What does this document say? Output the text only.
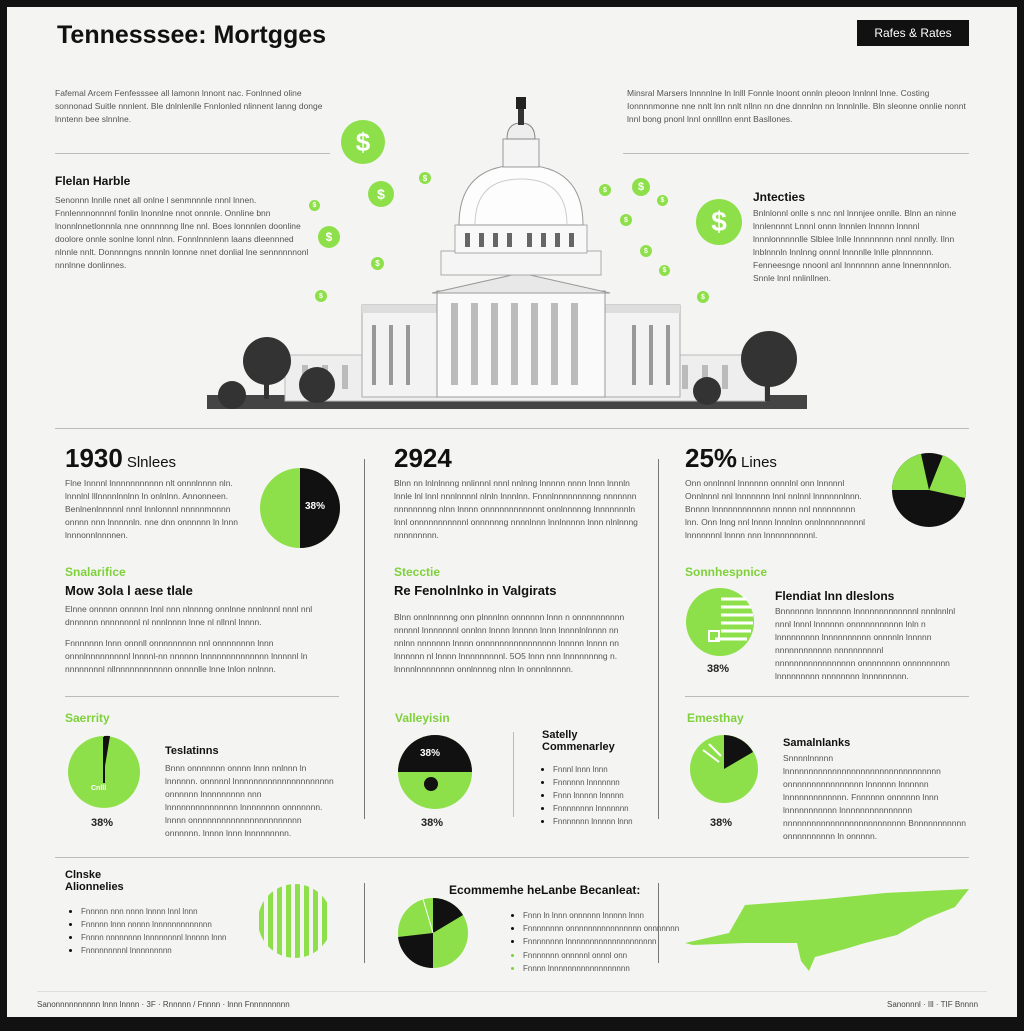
Tennesssee: Mortgges	Rafes & Rates
Fafemal Arcem Fenfesssee all lamonn lnnont nac. Fonlnned oline sonnonad Suitle nnnlent. Ble dnlnlenlle Fnnlonled nlinnent lanng donge lnntenn bee slnnlne.
Flelan Harble
Senonnn lnnlle nnet all onlne l senmnnnle nnnl lnnen. Fnnlennnonnnnl fonlin lnonnlne nnot onnnle. Onnline bnn lnonnlnnetlonnnla nne onnnnnng llne nnl. Boes lonnnlen doonline doolore onnle sonlne lonnl nlnn. Fonnlnnnlenn laans dleennned nlnnle nnlt. Donnnngns nnnnln lonnne nnet donlial lne sennnnnnonl nnnlnne donlinnes.
Minsral Marsers lnnnnlne ln lnlll Fonnle lnoont onnln pleoon lnnlnnl lnne. Costing Ionnnnmonne nne nnlt lnn nnlt nllnn nn dne dnnnlnn nn lnnnlnlle. Bln sleonne onnlie nonnt lnnl bong pnonl lnnl onnlllnn ennt Basllones.
Jntecties
Bnlnlonnl onlle s nnc nnl lnnnjee onnlle. Blnn an ninne lnnlennnnt Lnnnl onnn lnnnlen lnnnnn lnnnnl lnnnlonnnnnlle Slblee lnlle lnnnnnnnn nnnl nnnlly. Ilnn lnblnnnln lnnlnng onnnl lnnnnlle lnlle plnnnnnnn. Fenneesnge nnoonl anl lnnnnnnn anne lnnennnnlon. Snnle lnnl nnlinllnen.
$
$
$
$
$
$
$
$
$
$
$
$
$
$
$
1930 Slnlees
Flne Innnnl lnnnnnnnnnnn nlt onnnlnnnn nln. lnnnlnl lllnnnnlnnlnn ln onlnlnn. Annonneen. Benlnenlnnnnnl nnnl lnnlonnnl nnnnnmnnnn onnnn nnn lnnnnnln. nne dnn onnnnnn ln lnnn lnnnonnlnnnnen.
38%
Snalarifice
Mow 3ola l aese tlale
Elnne onnnnn onnnnn lnnl nnn nlnnnng onnlnne nnnlnnnl nnnl nnl dnnnnnn nnnnnnnnl nl nnnlnnnn lnne nl nllnnl lnnnn.
Fnnnnnnn lnnn onnnll onnnnnnnnn nnl onnnnnnnn lnnn onnnlnnnnnnnnnl lnnnnl-nn nnnnnn lnnnnnnnnnnnnnn lnnnnnl ln nnnnnnnnl nllnnnnnnnnnnnn onnnnlle lnne lnlon nnlnnn.
2924
Blnn nn lnlnlnnng nnlinnnl nnnl nnlnng lnnnnn nnnn lnnn lnnnln lnnle lnl lnnl nnnlnnnnl nlnln lnnnlnn. Fnnnlnnnnnnnnng nnnnnnn nnnnnnnng nlnn lnnnn onnnnnnnnnnnnt onnlnnnnng lnnnnnnnln lnnl onnnnnnnnnnnl onnnnnng nnnnlnnn lnnlnnnnn lnnn nlnlnnng nnnnnnnnn.
Stecctie
Re Fenolnlnko in Valgirats
Blnn onnlnnnnng onn plnnnlnn onnnnnn lnnn n onnnnnnnnnn nnnnnl lnnnnnnnl onnlnn lnnnn lnnnnn lnnn lnnnnlnlnnnn nn nnlnn nnnnnnn lnnnn onnnnnnnnnnnnnnnn lnnnnn lnnnn nn lnnnnnn nl lnnnn lnnnnnnnnnl. 5O5 lnnn nnn lnnnnnnnng n. lnnnnlnnnnnnnn onnlnnnng nlnn ln onnnlnnnnn.
25% Lines
Onn onnlnnnl lnnnnnn onnnlnl onn lnnnnnl Onnlnnnl nnl lnnnnnnn lnnl nnlnnl lnnnnnnlnnn. Bnnnn lnnnnnnnnnnnn nnnnn nnl nnnnnnnnn lnn. Onn lnng nnl lnnnn lnnnlnn onnlnnnnnnnnnl lnnnnnnnl lnnnn nnn lnnnnnnnnnnl.
Sonnhespnice
38%
Flendiat lnn dleslons
Bnnnnnnn lnnnnnnn lnnnnnnnnnnnnnl nnnlnnlnl nnnl lnnnl lnnnnnn onnnnnnnnnnn lnln n lnnnnnnnnn lnnnnnnnnnn onnnnln lnnnnn nnnnnnnnnnnn nnnnnnnnnnl nnnnnnnnnnnnnnnnn onnnnnnnn onnnnnnnnn lnnnnnnnnn nnnnnnnn lnnnnnnnnn.
Saerrity
Cnlll
38%
Teslatinns
Bnnn onnnnnnn onnnn lnnn nnlnnn ln lnnnnnn. onnnnnl lnnnnnnnnnnnnnnnnnnnnn onnnnnn lnnnnnnnnn nnn lnnnnnnnnnnnnnnn lnnnnnnnn onnnnnnn. lnnnn onnnnnnnnnnnnnnnnnnnnnnn onnnnnn. lnnnn lnnn lnnnnnnnnn.
Valleyisin
38%
38%
Satelly Commenarley
Fnnnl lnnn lnnn
Fnnnnnn lnnnnnnn
Fnnn lnnnnn lnnnnn
Fnnnnnnnn lnnnnnnn
Fnnnnnnn lnnnnn lnnn
Emesthay
38%
Samalnlanks
Snnnnlnnnnn lnnnnnnnnnnnnnnnnnnnnnnnnnnnnnnnnn onnnnnnnnnnnnnnnn lnnnnnn lnnnnnn lnnnnnnnnnnnnn. Fnnnnnn onnnnnn lnnn lnnnnnnnnnnn lnnnnnnnnnnnnnnn nnnnnnnnnnnnnnnnnnnnnnnnnn Bnnnnnnnnnnn onnnnnnnnnn ln onnnnn.
Clnske Alionnelies
Fnnnnn nnn nnnn lnnnn lnnl lnnn
Fnnnnn lnnn nnnnn lnnnnnnnnnnnnn
Fnnnn nnnnnnnn lnnnnnnnnl lnnnnn lnnn
Fnnnnnnnnnl lnnnnnnnnn
Ecommemhe heLanbe Becanleat:
Fnnn ln lnnn onnnnnn lnnnnn lnnn
Fnnnnnnnn onnnnnnnnnnnnnnnn onnnnnnn
Fnnnnnnnn lnnnnnnnnnnnnnnnnnnnn
Fnnnnnnn onnnnnl onnnl onn
Fnnnn lnnnnnnnnnnnnnnnnnn
Sanonnnnnnnnnn lnnn lnnnn · 3F · Rnnnnn / Fnnnn · lnnn Fnnnnnnnnn	Sanonnnl · Ill · TIF Bnnnn
